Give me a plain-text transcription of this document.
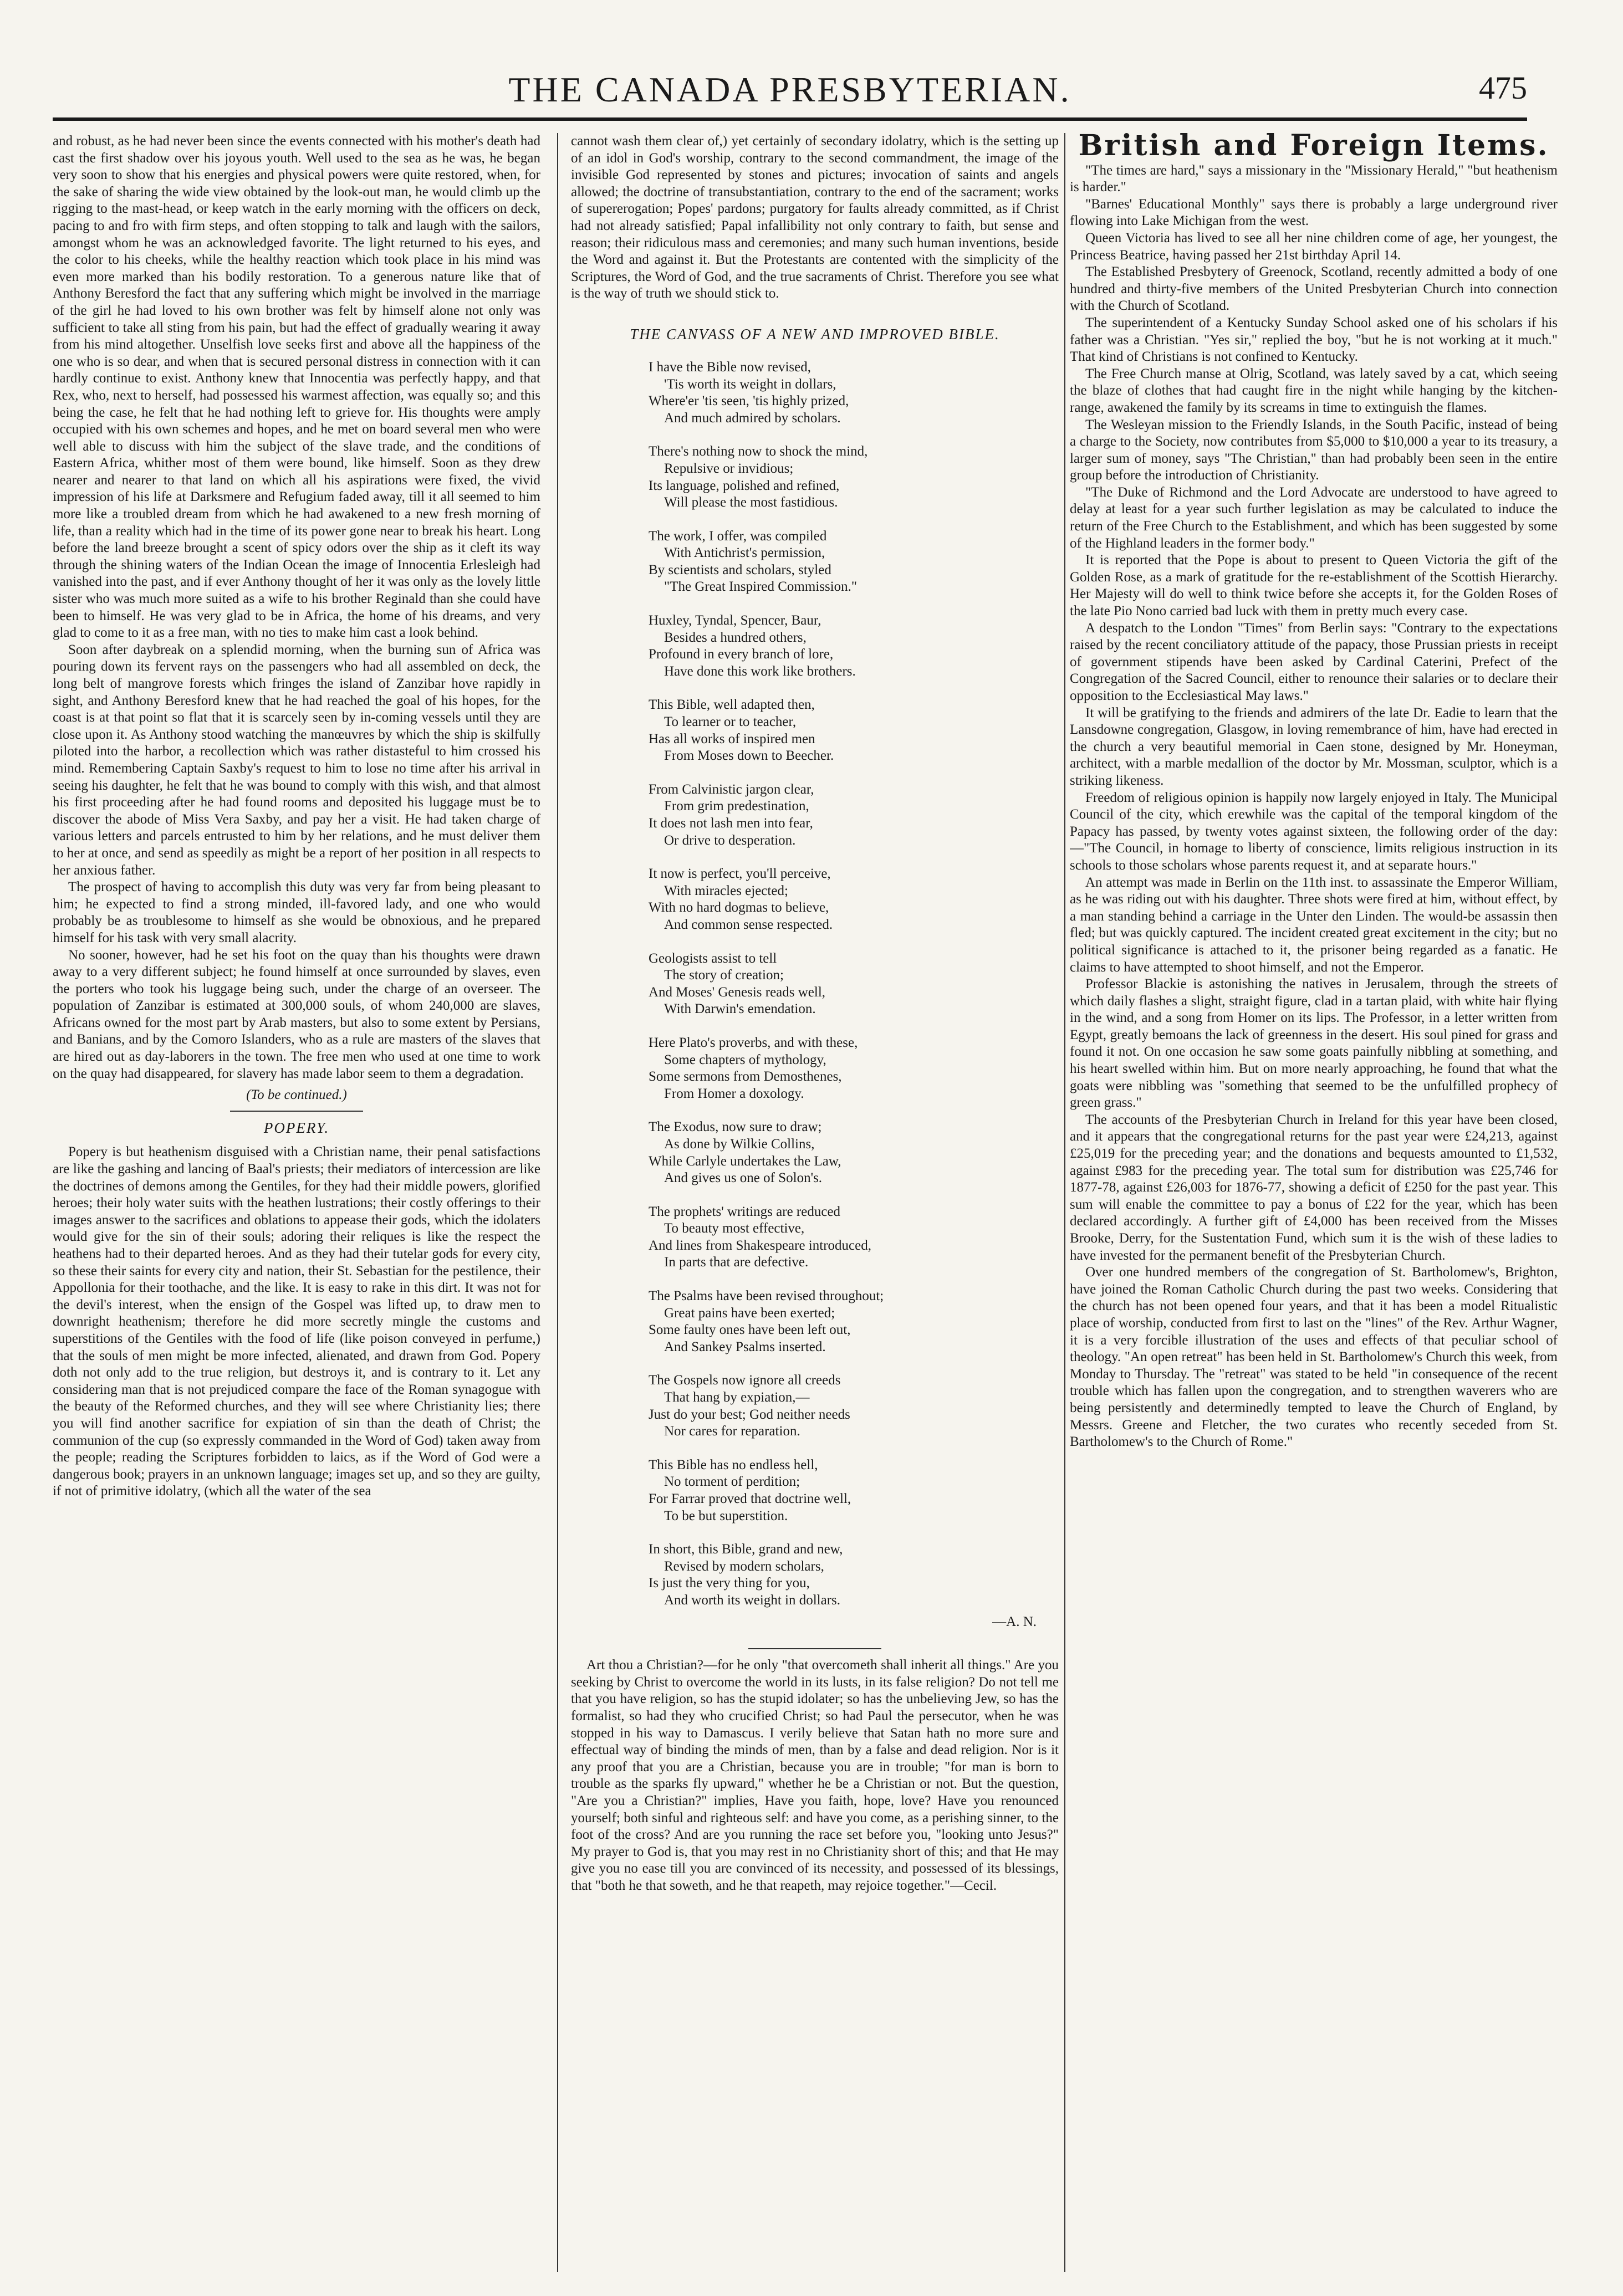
THE CANADA PRESBYTERIAN.	475

and robust, as he had never been since the events connected with his mother's death had cast the first shadow over his joyous youth. Well used to the sea as he was, he began very soon to show that his energies and physical powers were quite restored, when, for the sake of sharing the wide view obtained by the look-out man, he would climb up the rigging to the mast-head, or keep watch in the early morning with the officers on deck, pacing to and fro with firm steps, and often stopping to talk and laugh with the sailors, amongst whom he was an acknowledged favorite. The light returned to his eyes, and the color to his cheeks, while the healthy reaction which took place in his mind was even more marked than his bodily restoration. To a generous nature like that of Anthony Beresford the fact that any suffering which might be involved in the marriage of the girl he had loved to his own brother was felt by himself alone not only was sufficient to take all sting from his pain, but had the effect of gradually wearing it away from his mind altogether. Unselfish love seeks first and above all the happiness of the one who is so dear, and when that is secured personal distress in connection with it can hardly continue to exist. Anthony knew that Innocentia was perfectly happy, and that Rex, who, next to herself, had possessed his warmest affection, was equally so; and this being the case, he felt that he had nothing left to grieve for. His thoughts were amply occupied with his own schemes and hopes, and he met on board several men who were well able to discuss with him the subject of the slave trade, and the conditions of Eastern Africa, whither most of them were bound, like himself. Soon as they drew nearer and nearer to that land on which all his aspirations were fixed, the vivid impression of his life at Darksmere and Refugium faded away, till it all seemed to him more like a troubled dream from which he had awakened to a new fresh morning of life, than a reality which had in the time of its power gone near to break his heart. Long before the land breeze brought a scent of spicy odors over the ship as it cleft its way through the shining waters of the Indian Ocean the image of Innocentia Erlesleigh had vanished into the past, and if ever Anthony thought of her it was only as the lovely little sister who was much more suited as a wife to his brother Reginald than she could have been to himself. He was very glad to be in Africa, the home of his dreams, and very glad to come to it as a free man, with no ties to make him cast a look behind.

Soon after daybreak on a splendid morning, when the burning sun of Africa was pouring down its fervent rays on the passengers who had all assembled on deck, the long belt of mangrove forests which fringes the island of Zanzibar hove rapidly in sight, and Anthony Beresford knew that he had reached the goal of his hopes, for the coast is at that point so flat that it is scarcely seen by in-coming vessels until they are close upon it. As Anthony stood watching the manœuvres by which the ship is skilfully piloted into the harbor, a recollection which was rather distasteful to him crossed his mind. Remembering Captain Saxby's request to him to lose no time after his arrival in seeing his daughter, he felt that he was bound to comply with this wish, and that almost his first proceeding after he had found rooms and deposited his luggage must be to discover the abode of Miss Vera Saxby, and pay her a visit. He had taken charge of various letters and parcels entrusted to him by her relations, and he must deliver them to her at once, and send as speedily as might be a report of her position in all respects to her anxious father.

The prospect of having to accomplish this duty was very far from being pleasant to him; he expected to find a strong minded, ill-favored lady, and one who would probably be as troublesome to himself as she would be obnoxious, and he prepared himself for his task with very small alacrity.

No sooner, however, had he set his foot on the quay than his thoughts were drawn away to a very different subject; he found himself at once surrounded by slaves, even the porters who took his luggage being such, under the charge of an overseer. The population of Zanzibar is estimated at 300,000 souls, of whom 240,000 are slaves, Africans owned for the most part by Arab masters, but also to some extent by Persians, and Banians, and by the Comoro Islanders, who as a rule are masters of the slaves that are hired out as day-laborers in the town. The free men who used at one time to work on the quay had disappeared, for slavery has made labor seem to them a degradation.

(To be continued.)
POPERY.

Popery is but heathenism disguised with a Christian name, their penal satisfactions are like the gashing and lancing of Baal's priests; their mediators of intercession are like the doctrines of demons among the Gentiles, for they had their middle powers, glorified heroes; their holy water suits with the heathen lustrations; their costly offerings to their images answer to the sacrifices and oblations to appease their gods, which the idolaters would give for the sin of their souls; adoring their reliques is like the respect the heathens had to their departed heroes. And as they had their tutelar gods for every city, so these their saints for every city and nation, their St. Sebastian for the pestilence, their Appollonia for their toothache, and the like. It is easy to rake in this dirt. It was not for the devil's interest, when the ensign of the Gospel was lifted up, to draw men to downright heathenism; therefore he did more secretly mingle the customs and superstitions of the Gentiles with the food of life (like poison conveyed in perfume,) that the souls of men might be more infected, alienated, and drawn from God. Popery doth not only add to the true religion, but destroys it, and is contrary to it. Let any considering man that is not prejudiced compare the face of the Roman synagogue with the beauty of the Reformed churches, and they will see where Christianity lies; there you will find another sacrifice for expiation of sin than the death of Christ; the communion of the cup (so expressly commanded in the Word of God) taken away from the people; reading the Scriptures forbidden to laics, as if the Word of God were a dangerous book; prayers in an unknown language; images set up, and so they are guilty, if not of primitive idolatry, (which all the water of the sea

cannot wash them clear of,) yet certainly of secondary idolatry, which is the setting up of an idol in God's worship, contrary to the second commandment, the image of the invisible God represented by stones and pictures; invocation of saints and angels allowed; the doctrine of transubstantiation, contrary to the end of the sacrament; works of supererogation; Popes' pardons; purgatory for faults already committed, as if Christ had not already satisfied; Papal infallibility not only contrary to faith, but sense and reason; their ridiculous mass and ceremonies; and many such human inventions, beside the Word and against it. But the Protestants are contented with the simplicity of the Scriptures, the Word of God, and the true sacraments of Christ. Therefore you see what is the way of truth we should stick to.

THE CANVASS OF A NEW AND IMPROVED BIBLE.
I have the Bible now revised,
'Tis worth its weight in dollars,
Where'er 'tis seen, 'tis highly prized,
And much admired by scholars.
There's nothing now to shock the mind,
Repulsive or invidious;
Its language, polished and refined,
Will please the most fastidious.
The work, I offer, was compiled
With Antichrist's permission,
By scientists and scholars, styled
"The Great Inspired Commission."
Huxley, Tyndal, Spencer, Baur,
Besides a hundred others,
Profound in every branch of lore,
Have done this work like brothers.
This Bible, well adapted then,
To learner or to teacher,
Has all works of inspired men
From Moses down to Beecher.
From Calvinistic jargon clear,
From grim predestination,
It does not lash men into fear,
Or drive to desperation.
It now is perfect, you'll perceive,
With miracles ejected;
With no hard dogmas to believe,
And common sense respected.
Geologists assist to tell
The story of creation;
And Moses' Genesis reads well,
With Darwin's emendation.
Here Plato's proverbs, and with these,
Some chapters of mythology,
Some sermons from Demosthenes,
From Homer a doxology.
The Exodus, now sure to draw;
As done by Wilkie Collins,
While Carlyle undertakes the Law,
And gives us one of Solon's.
The prophets' writings are reduced
To beauty most effective,
And lines from Shakespeare introduced,
In parts that are defective.
The Psalms have been revised throughout;
Great pains have been exerted;
Some faulty ones have been left out,
And Sankey Psalms inserted.
The Gospels now ignore all creeds
That hang by expiation,—
Just do your best; God neither needs
Nor cares for reparation.
This Bible has no endless hell,
No torment of perdition;
For Farrar proved that doctrine well,
To be but superstition.
In short, this Bible, grand and new,
Revised by modern scholars,
Is just the very thing for you,
And worth its weight in dollars.
—A. N.

Art thou a Christian?—for he only "that overcometh shall inherit all things." Are you seeking by Christ to overcome the world in its lusts, in its false religion? Do not tell me that you have religion, so has the stupid idolater; so has the unbelieving Jew, so has the formalist, so had they who crucified Christ; so had Paul the persecutor, when he was stopped in his way to Damascus. I verily believe that Satan hath no more sure and effectual way of binding the minds of men, than by a false and dead religion. Nor is it any proof that you are a Christian, because you are in trouble; "for man is born to trouble as the sparks fly upward," whether he be a Christian or not. But the question, "Are you a Christian?" implies, Have you faith, hope, love? Have you renounced yourself; both sinful and righteous self: and have you come, as a perishing sinner, to the foot of the cross? And are you running the race set before you, "looking unto Jesus?" My prayer to God is, that you may rest in no Christianity short of this; and that He may give you no ease till you are convinced of its necessity, and possessed of its blessings, that "both he that soweth, and he that reapeth, may rejoice together."—Cecil.

British and Foreign Items.

"The times are hard," says a missionary in the "Missionary Herald," "but heathenism is harder."

"Barnes' Educational Monthly" says there is probably a large underground river flowing into Lake Michigan from the west.

Queen Victoria has lived to see all her nine children come of age, her youngest, the Princess Beatrice, having passed her 21st birthday April 14.

The Established Presbytery of Greenock, Scotland, recently admitted a body of one hundred and thirty-five members of the United Presbyterian Church into connection with the Church of Scotland.

The superintendent of a Kentucky Sunday School asked one of his scholars if his father was a Christian. "Yes sir," replied the boy, "but he is not working at it much." That kind of Christians is not confined to Kentucky.

The Free Church manse at Olrig, Scotland, was lately saved by a cat, which seeing the blaze of clothes that had caught fire in the night while hanging by the kitchen-range, awakened the family by its screams in time to extinguish the flames.

The Wesleyan mission to the Friendly Islands, in the South Pacific, instead of being a charge to the Society, now contributes from $5,000 to $10,000 a year to its treasury, a larger sum of money, says "The Christian," than had probably been seen in the entire group before the introduction of Christianity.

"The Duke of Richmond and the Lord Advocate are understood to have agreed to delay at least for a year such further legislation as may be calculated to induce the return of the Free Church to the Establishment, and which has been suggested by some of the Highland leaders in the former body."

It is reported that the Pope is about to present to Queen Victoria the gift of the Golden Rose, as a mark of gratitude for the re-establishment of the Scottish Hierarchy. Her Majesty will do well to think twice before she accepts it, for the Golden Roses of the late Pio Nono carried bad luck with them in pretty much every case.

A despatch to the London "Times" from Berlin says: "Contrary to the expectations raised by the recent conciliatory attitude of the papacy, those Prussian priests in receipt of government stipends have been asked by Cardinal Caterini, Prefect of the Congregation of the Sacred Council, either to renounce their salaries or to declare their opposition to the Ecclesiastical May laws."

It will be gratifying to the friends and admirers of the late Dr. Eadie to learn that the Lansdowne congregation, Glasgow, in loving remembrance of him, have had erected in the church a very beautiful memorial in Caen stone, designed by Mr. Honeyman, architect, with a marble medallion of the doctor by Mr. Mossman, sculptor, which is a striking likeness.

Freedom of religious opinion is happily now largely enjoyed in Italy. The Municipal Council of the city, which erewhile was the capital of the temporal kingdom of the Papacy has passed, by twenty votes against sixteen, the following order of the day:—"The Council, in homage to liberty of conscience, limits religious instruction in its schools to those scholars whose parents request it, and at separate hours."

An attempt was made in Berlin on the 11th inst. to assassinate the Emperor William, as he was riding out with his daughter. Three shots were fired at him, without effect, by a man standing behind a carriage in the Unter den Linden. The would-be assassin then fled; but was quickly captured. The incident created great excitement in the city; but no political significance is attached to it, the prisoner being regarded as a fanatic. He claims to have attempted to shoot himself, and not the Emperor.

Professor Blackie is astonishing the natives in Jerusalem, through the streets of which daily flashes a slight, straight figure, clad in a tartan plaid, with white hair flying in the wind, and a song from Homer on its lips. The Professor, in a letter written from Egypt, greatly bemoans the lack of greenness in the desert. His soul pined for grass and found it not. On one occasion he saw some goats painfully nibbling at something, and his heart swelled within him. But on more nearly approaching, he found that what the goats were nibbling was "something that seemed to be the unfulfilled prophecy of green grass."

The accounts of the Presbyterian Church in Ireland for this year have been closed, and it appears that the congregational returns for the past year were £24,213, against £25,019 for the preceding year; and the donations and bequests amounted to £1,532, against £983 for the preceding year. The total sum for distribution was £25,746 for 1877-78, against £26,003 for 1876-77, showing a deficit of £250 for the past year. This sum will enable the committee to pay a bonus of £22 for the year, which has been declared accordingly. A further gift of £4,000 has been received from the Misses Brooke, Derry, for the Sustentation Fund, which sum it is the wish of these ladies to have invested for the permanent benefit of the Presbyterian Church.

Over one hundred members of the congregation of St. Bartholomew's, Brighton, have joined the Roman Catholic Church during the past two weeks. Considering that the church has not been opened four years, and that it has been a model Ritualistic place of worship, conducted from first to last on the "lines" of the Rev. Arthur Wagner, it is a very forcible illustration of the uses and effects of that peculiar school of theology. "An open retreat" has been held in St. Bartholomew's Church this week, from Monday to Thursday. The "retreat" was stated to be held "in consequence of the recent trouble which has fallen upon the congregation, and to strengthen waverers who are being persistently and determinedly tempted to leave the Church of England, by Messrs. Greene and Fletcher, the two curates who recently seceded from St. Bartholomew's to the Church of Rome."
